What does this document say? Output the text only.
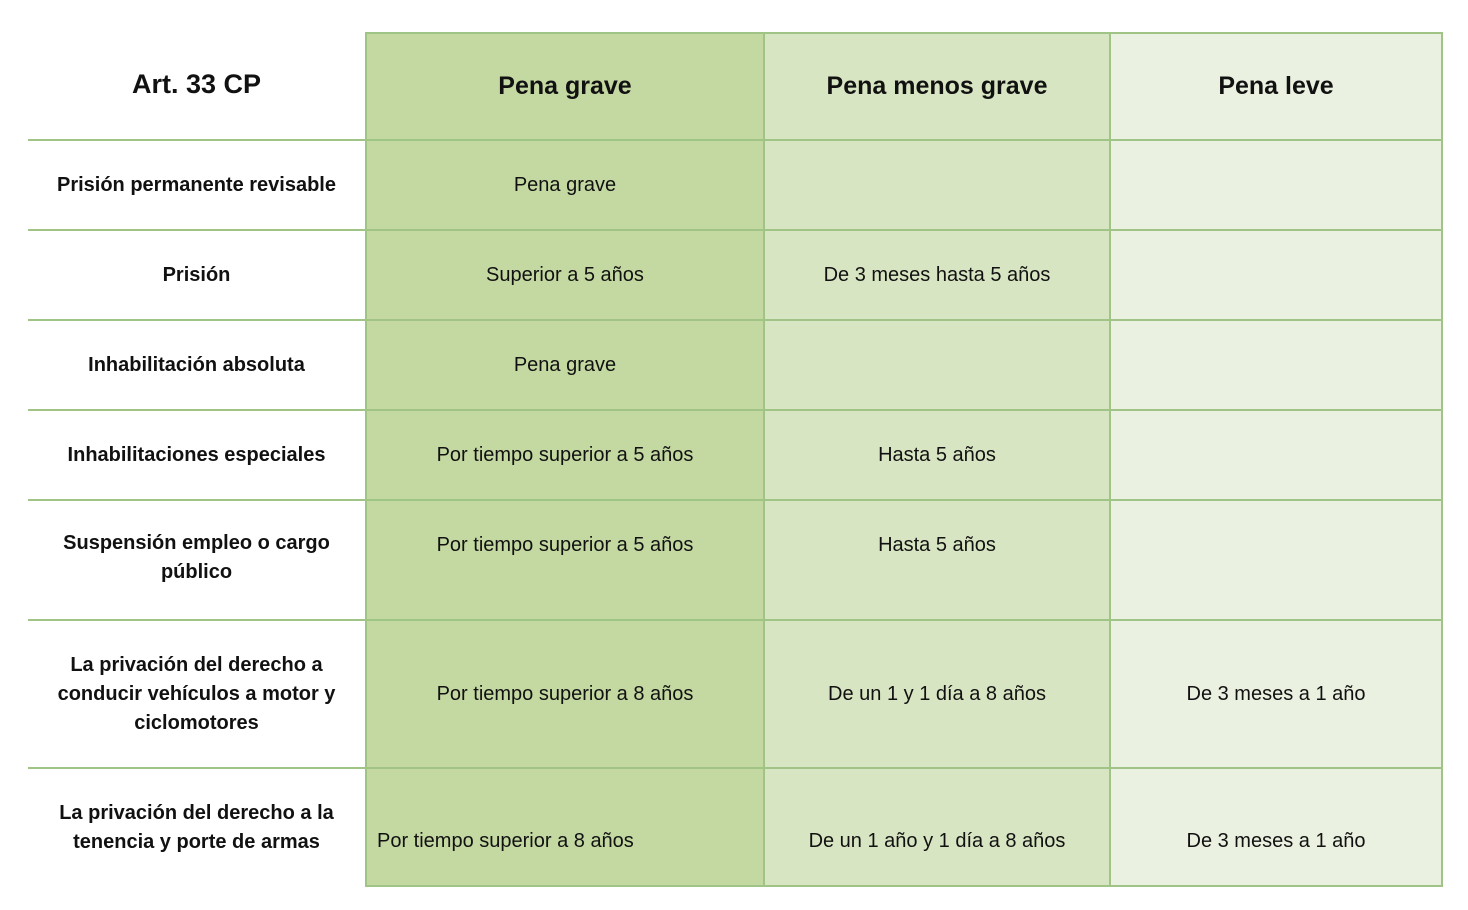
Art. 33 CP	Pena grave	Pena menos grave	Pena leve
Prisión permanente revisable	Pena grave		
Prisión	Superior a 5 años	De 3 meses hasta 5 años	
Inhabilitación absoluta	Pena grave		
Inhabilitaciones especiales	Por tiempo superior a 5 años	Hasta 5 años	
Suspensión empleo o cargo público	Por tiempo superior a 5 años	Hasta 5 años	
La privación del derecho a conducir vehículos a motor y ciclomotores	Por tiempo superior a 8 años	De un 1 y 1 día a 8 años	De 3 meses a 1 año
La privación del derecho a la tenencia y porte de armas	Por tiempo superior a 8 años	De un 1 año y 1 día a 8 años	De 3 meses a 1 año
